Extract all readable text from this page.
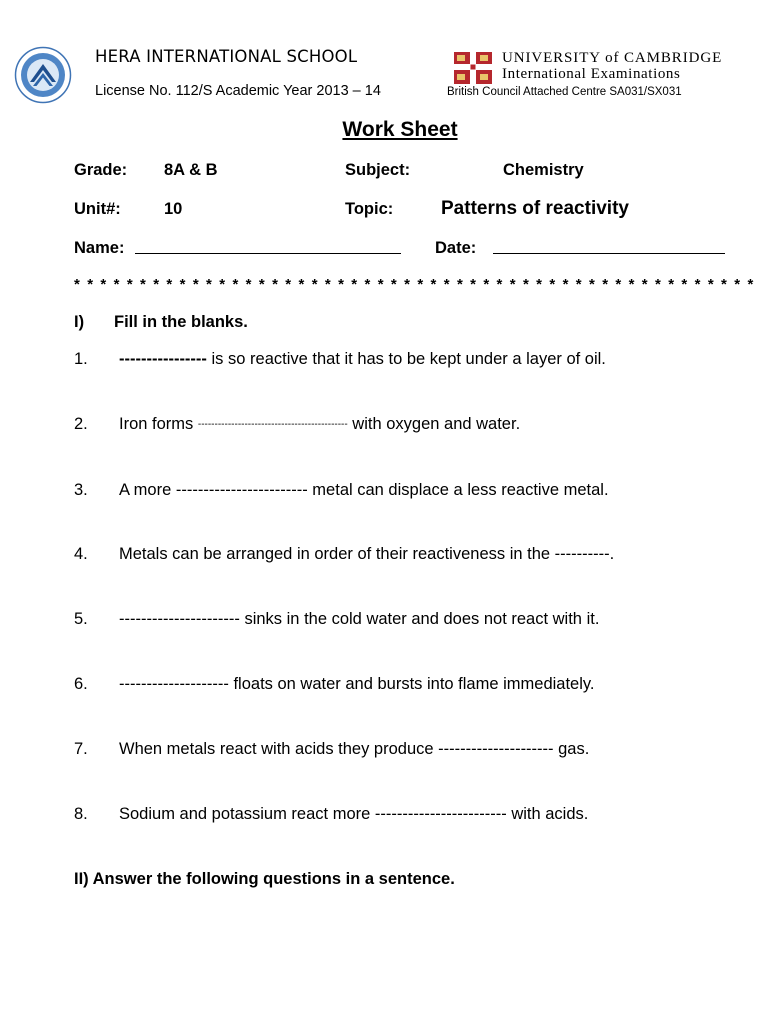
HERA INTERNATIONAL SCHOOL
License No. 112/S Academic Year 2013 – 14
UNIVERSITY of CAMBRIDGE
International Examinations
British Council Attached Centre SA031/SX031
Work Sheet
Grade: 8A & B	Subject:	Chemistry
Unit#:	10	Topic:	Patterns of reactivity
Name:	Date:
* * * * * * * * * * * * * * * * * * * * * * * * * * * * * * * * * * * * * * * * * * * * * * * * * * * *
I) Fill in the blanks.
1. ---------------- is so reactive that it has to be kept under a layer of oil.
2. Iron forms --------------------------------------------- with oxygen and water.
3. A more ------------------------ metal can displace a less reactive metal.
4. Metals can be arranged in order of their reactiveness in the ----------.
5. ---------------------- sinks in the cold water and does not react with it.
6. -------------------- floats on water and bursts into flame immediately.
7. When metals react with acids they produce --------------------- gas.
8. Sodium and potassium react more ------------------------ with acids.
II) Answer the following questions in a sentence.
